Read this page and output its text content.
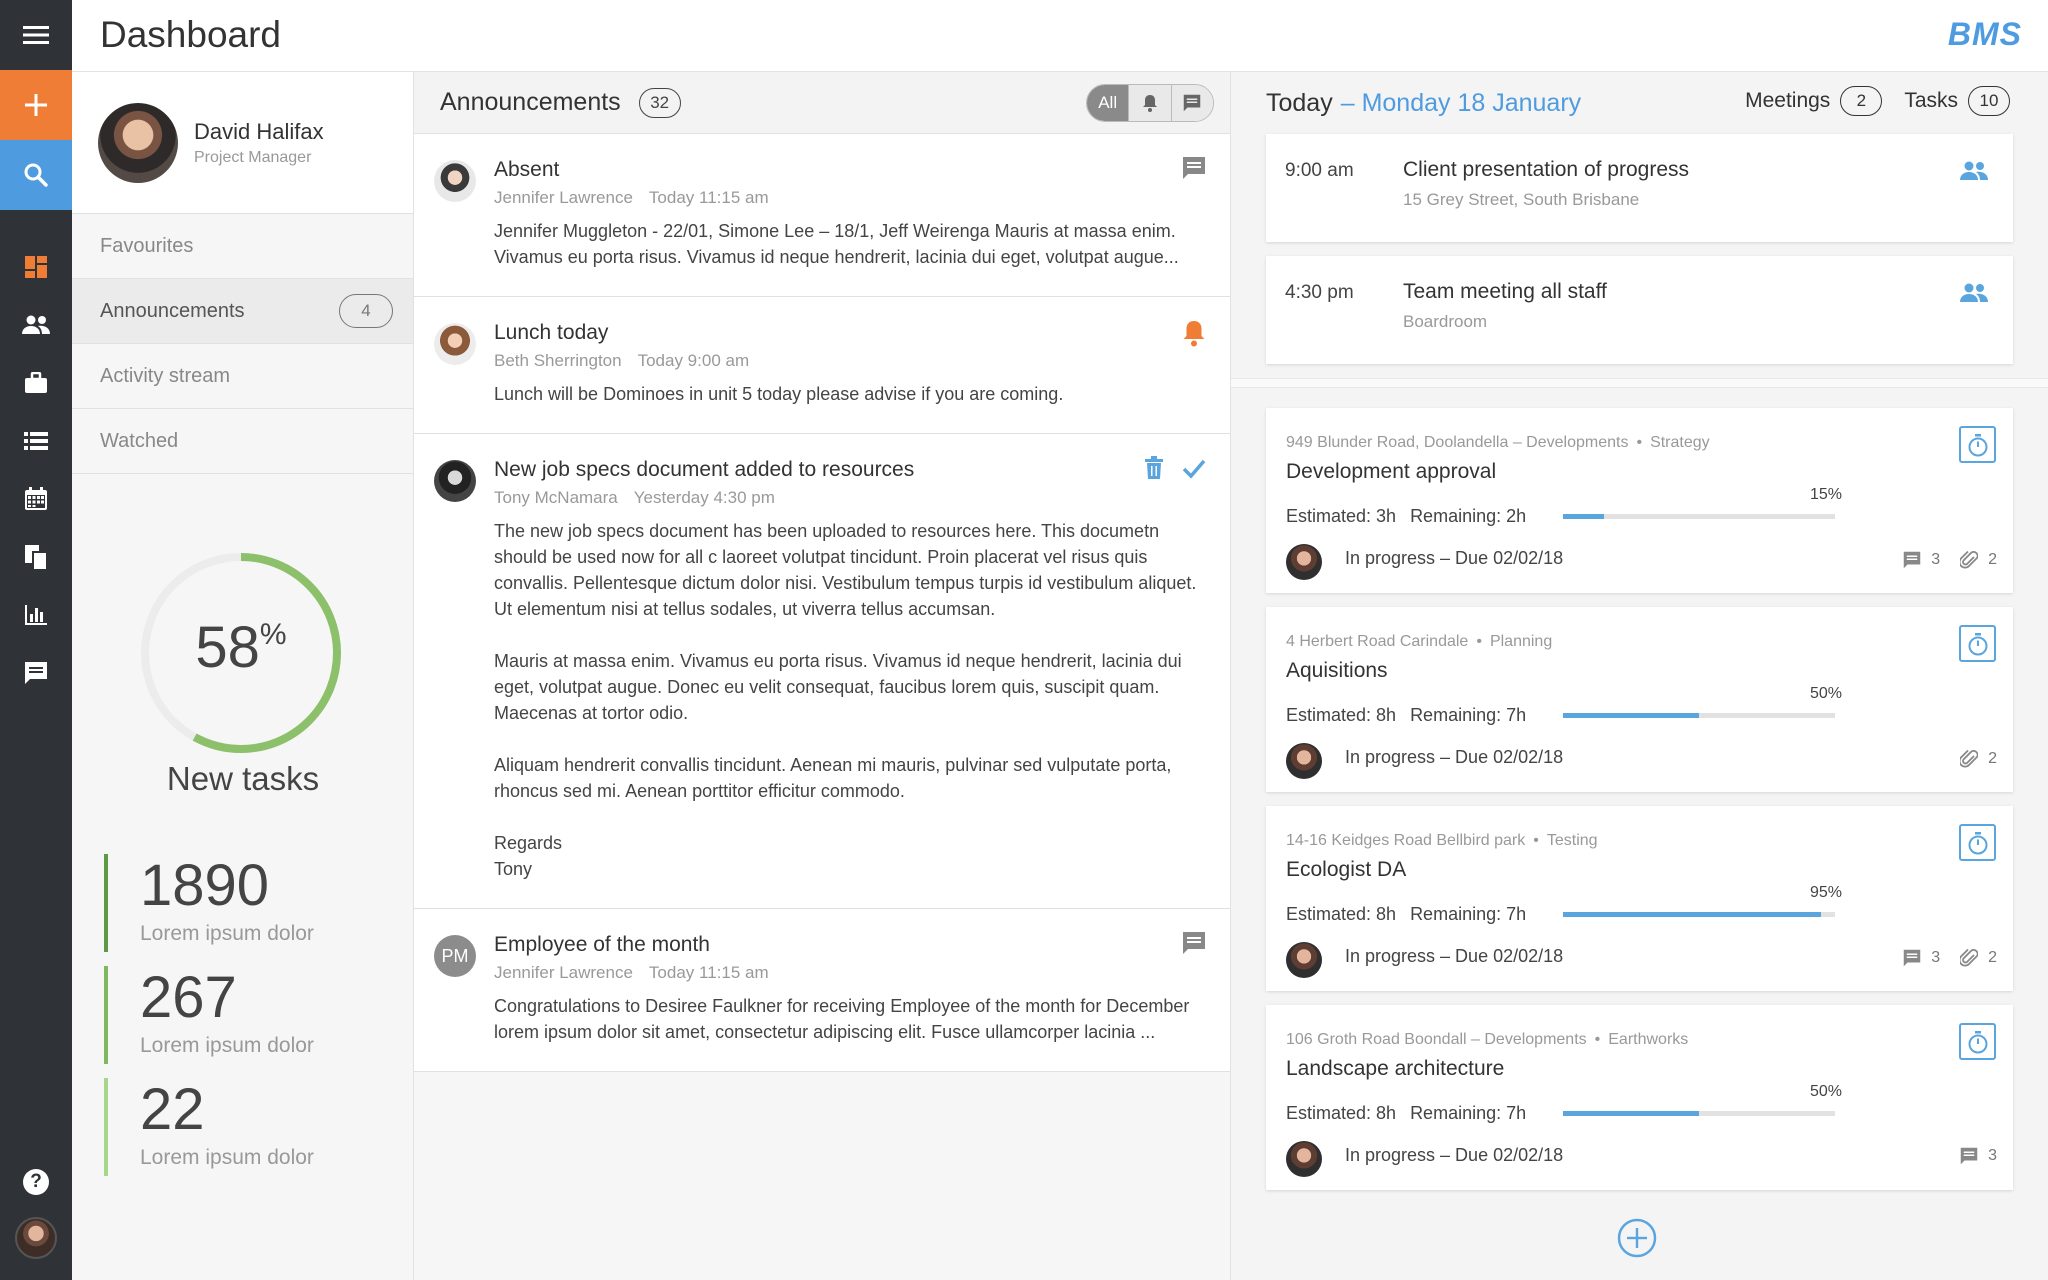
?
Dashboard	BMS
David Halifax
Project Manager
Favourites
Announcements	4
Activity stream
Watched
58%
New tasks
1890
Lorem ipsum dolor
267
Lorem ipsum dolor
22
Lorem ipsum dolor
Announcements	32	All
Absent
Jennifer Lawrence Today 11:15 am

Jennifer Muggleton - 22/01, Simone Lee – 18/1, Jeff Weirenga Mauris at massa enim. Vivamus eu porta risus. Vivamus id neque hendrerit, lacinia dui eget, volutpat augue...

Lunch today
Beth Sherrington Today 9:00 am

Lunch will be Dominoes in unit 5 today please advise if you are coming.

New job specs document added to resources
Tony McNamara Yesterday 4:30 pm

The new job specs document has been uploaded to resources here. This documetn should be used now for all c laoreet volutpat tincidunt. Proin placerat vel risus quis convallis. Pellentesque dictum dolor nisi. Vestibulum tempus turpis id vestibulum aliquet. Ut elementum nisi at tellus sodales, ut viverra tellus accumsan.

Mauris at massa enim. Vivamus eu porta risus. Vivamus id neque hendrerit, lacinia dui eget, volutpat augue. Donec eu velit consequat, faucibus lorem quis, suscipit quam. Maecenas at tortor odio.

Aliquam hendrerit convallis tincidunt. Aenean mi mauris, pulvinar sed vulputate porta, rhoncus sed mi. Aenean porttitor efficitur commodo.

Regards
Tony

PM	Employee of the month
Jennifer Lawrence Today 11:15 am

Congratulations to Desiree Faulkner for receiving Employee of the month for December lorem ipsum dolor sit amet, consectetur adipiscing elit. Fusce ullamcorper lacinia ...

Today – Monday 18 January	Meetings	2	Tasks	10
9:00 am Client presentation of progress
15 Grey Street, South Brisbane
4:30 pm Team meeting all staff
Boardroom
949 Blunder Road, Doolandella – Developments • Strategy
Development approval
Estimated: 3h Remaining: 2h
15%
In progress – Due 02/02/18	3	2
4 Herbert Road Carindale • Planning
Aquisitions
Estimated: 8h Remaining: 7h
50%
In progress – Due 02/02/18	2
14-16 Keidges Road Bellbird park • Testing
Ecologist DA
Estimated: 8h Remaining: 7h
95%
In progress – Due 02/02/18	3	2
106 Groth Road Boondall – Developments • Earthworks
Landscape architecture
Estimated: 8h Remaining: 7h
50%
In progress – Due 02/02/18	3
